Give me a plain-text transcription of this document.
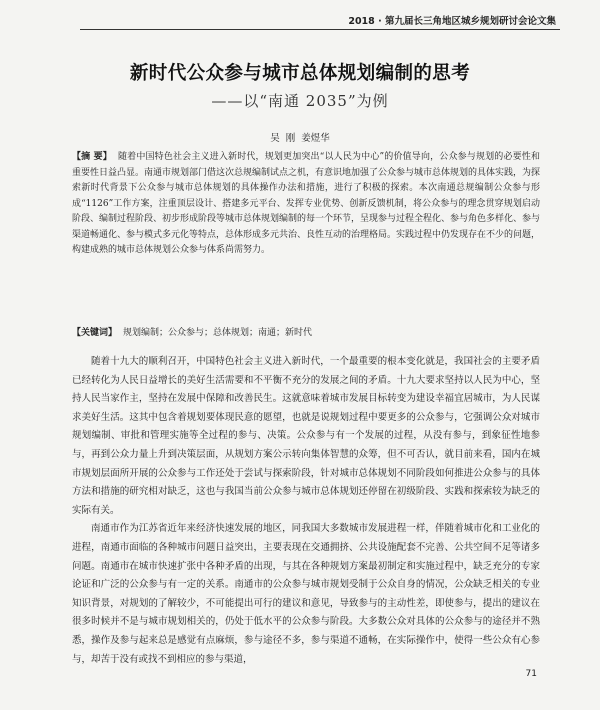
2018 · 第九届长三角地区城乡规划研讨会论文集
新时代公众参与城市总体规划编制的思考
——以“南通 2035”为例
吴 刚 姜煜华
【摘 要】 随着中国特色社会主义进入新时代，规划更加突出“以人民为中心”的价值导向，公众参与规划的必要性和重要性日益凸显。南通市规划部门借这次总规编制试点之机，有意识地加强了公众参与城市总体规划的具体实践，为探索新时代背景下公众参与城市总体规划的具体操作办法和措施，进行了积极的探索。本次南通总规编制公众参与形成“1126”工作方案，注重顶层设计、搭建多元平台、发挥专业优势、创新反馈机制，将公众参与的理念贯穿规划启动阶段、编制过程阶段、初步形成阶段等城市总体规划编制的每一个环节，呈现参与过程全程化、参与角色多样化、参与渠道畅通化、参与模式多元化等特点，总体形成多元共治、良性互动的治理格局。实践过程中仍发现存在不少的问题，构建成熟的城市总体规划公众参与体系尚需努力。
【关键词】 规划编制；公众参与；总体规划；南通；新时代

随着十九大的顺利召开，中国特色社会主义进入新时代，一个最重要的根本变化就是，我国社会的主要矛盾已经转化为人民日益增长的美好生活需要和不平衡不充分的发展之间的矛盾。十九大要求坚持以人民为中心，坚持人民当家作主，坚持在发展中保障和改善民生。这就意味着城市发展目标转变为建设幸福宜居城市，为人民谋求美好生活。这其中包含着规划要体现民意的愿望，也就是说规划过程中要更多的公众参与，它强调公众对城市规划编制、审批和管理实施等全过程的参与、决策。公众参与有一个发展的过程，从没有参与，到象征性地参与，再到公众力量上升到决策层面，从规划方案公示转向集体智慧的众筹，但不可否认，就目前来看，国内在城市规划层面所开展的公众参与工作还处于尝试与探索阶段，针对城市总体规划不同阶段如何推进公众参与的具体方法和措施的研究相对缺乏，这也与我国当前公众参与城市总体规划还停留在初级阶段、实践和探索较为缺乏的实际有关。

南通市作为江苏省近年来经济快速发展的地区，同我国大多数城市发展进程一样，伴随着城市化和工业化的进程，南通市面临的各种城市问题日益突出，主要表现在交通拥挤、公共设施配套不完善、公共空间不足等诸多问题。南通市在城市快速扩张中各种矛盾的出现，与其在各种规划方案最初制定和实施过程中，缺乏充分的专家论证和广泛的公众参与有一定的关系。南通市的公众参与城市规划受制于公众自身的情况，公众缺乏相关的专业知识背景，对规划的了解较少，不可能提出可行的建议和意见，导致参与的主动性差，即使参与，提出的建议在很多时候并不是与城市规划相关的，仍处于低水平的公众参与阶段。大多数公众对具体的公众参与的途径并不熟悉，操作及参与起来总是感觉有点麻烦，参与途径不多，参与渠道不通畅，在实际操作中，使得一些公众有心参与，却苦于没有或找不到相应的参与渠道，

71
